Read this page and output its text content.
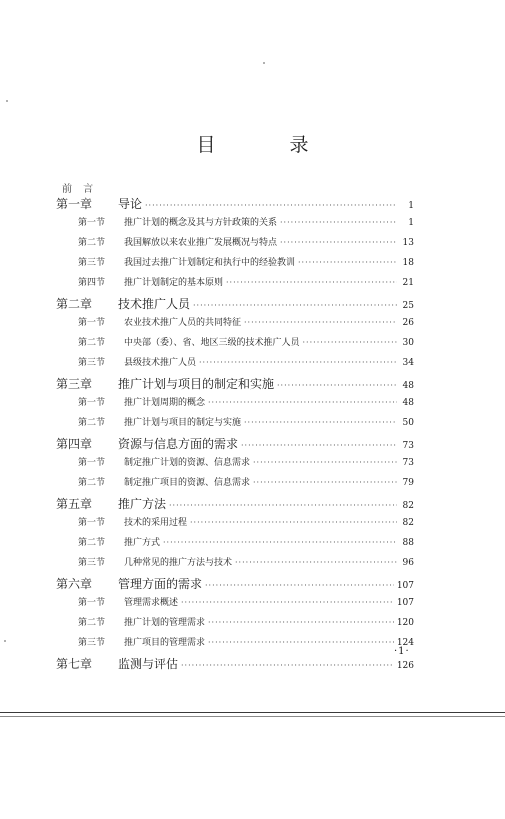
目 录
前 言
第一章	导论 ·····	1
第一节	推广计划的概念及其与方针政策的关系 ·····	1
第二节	我国解放以来农业推广发展概况与特点 ·····	13
第三节	我国过去推广计划制定和执行中的经验教训 ·····	18
第四节	推广计划制定的基本原则 ·····	21
第二章	技术推广人员 ·····	25
第一节	农业技术推广人员的共同特征 ·····	26
第二节	中央部（委）、省、地区三级的技术推广人员 ·····	30
第三节	县级技术推广人员 ·····	34
第三章	推广计划与项目的制定和实施 ·····	48
第一节	推广计划周期的概念 ·····	48
第二节	推广计划与项目的制定与实施 ·····	50
第四章	资源与信息方面的需求 ·····	73
第一节	制定推广计划的资源、信息需求 ·····	73
第二节	制定推广项目的资源、信息需求 ·····	79
第五章	推广方法 ·····	82
第一节	技术的采用过程 ·····	82
第二节	推广方式 ·····	88
第三节	几种常见的推广方法与技术 ·····	96
第六章	管理方面的需求 ·····	107
第一节	管理需求概述 ·····	107
第二节	推广计划的管理需求 ·····	120
第三节	推广项目的管理需求 ·····	124
第七章	监测与评估 ·····	126
·1·
